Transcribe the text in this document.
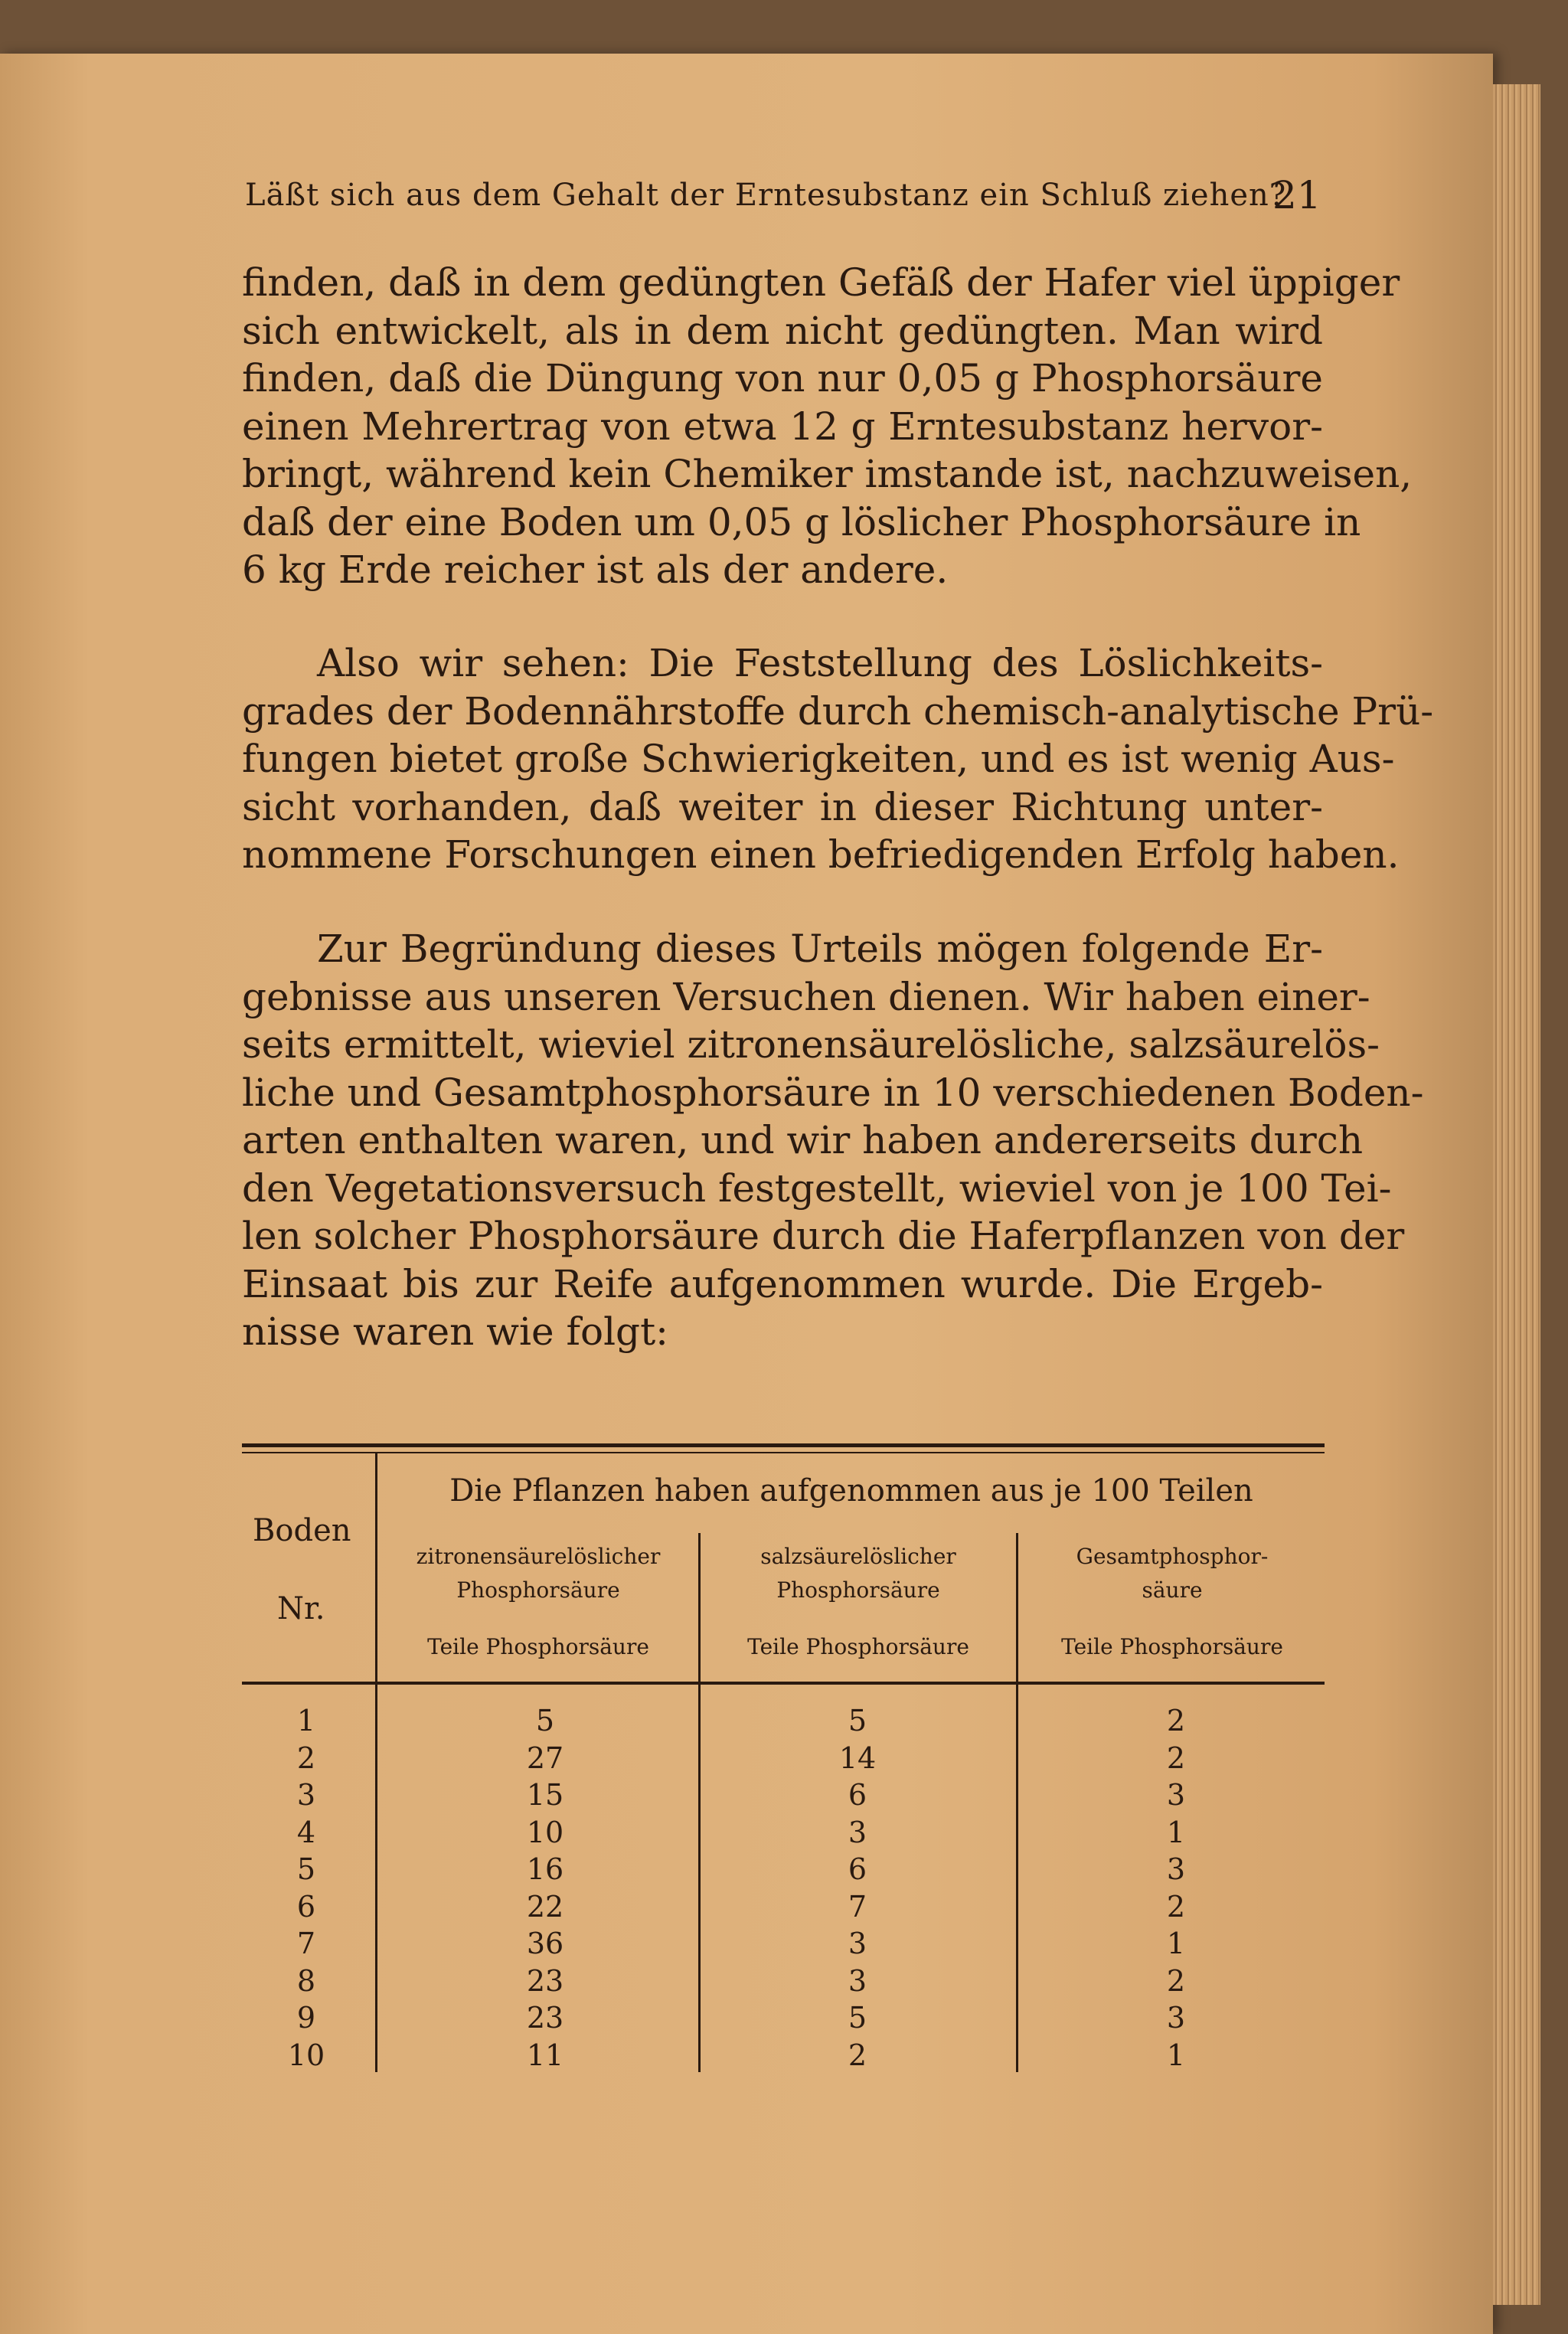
Läßt sich aus dem Gehalt der Erntesubstanz ein Schluß ziehen?
21
finden, daß in dem gedüngten Gefäß der Hafer viel üppiger
sich entwickelt, als in dem nicht gedüngten. Man wird
finden, daß die Düngung von nur 0,05 g Phosphorsäure
einen Mehrertrag von etwa 12 g Erntesubstanz hervor-
bringt, während kein Chemiker imstande ist, nachzuweisen,
daß der eine Boden um 0,05 g löslicher Phosphorsäure in
6 kg Erde reicher ist als der andere.
Also wir sehen: Die Feststellung des Löslichkeits-
grades der Bodennährstoffe durch chemisch-analytische Prü-
fungen bietet große Schwierigkeiten, und es ist wenig Aus-
sicht vorhanden, daß weiter in dieser Richtung unter-
nommene Forschungen einen befriedigenden Erfolg haben.
Zur Begründung dieses Urteils mögen folgende Er-
gebnisse aus unseren Versuchen dienen. Wir haben einer-
seits ermittelt, wieviel zitronensäurelösliche, salzsäurelös-
liche und Gesamtphosphorsäure in 10 verschiedenen Boden-
arten enthalten waren, und wir haben andererseits durch
den Vegetationsversuch festgestellt, wieviel von je 100 Tei-
len solcher Phosphorsäure durch die Haferpflanzen von der
Einsaat bis zur Reife aufgenommen wurde. Die Ergeb-
nisse waren wie folgt:
Boden
Nr.
Die Pflanzen haben aufgenommen aus je 100 Teilen
zitronensäurelöslicher
Phosphorsäure
Teile Phosphorsäure
salzsäurelöslicher
Phosphorsäure
Teile Phosphorsäure
Gesamtphosphor-
säure
Teile Phosphorsäure
1	5	5	2
2	27	14	2
3	15	6	3
4	10	3	1
5	16	6	3
6	22	7	2
7	36	3	1
8	23	3	2
9	23	5	3
10	11	2	1
